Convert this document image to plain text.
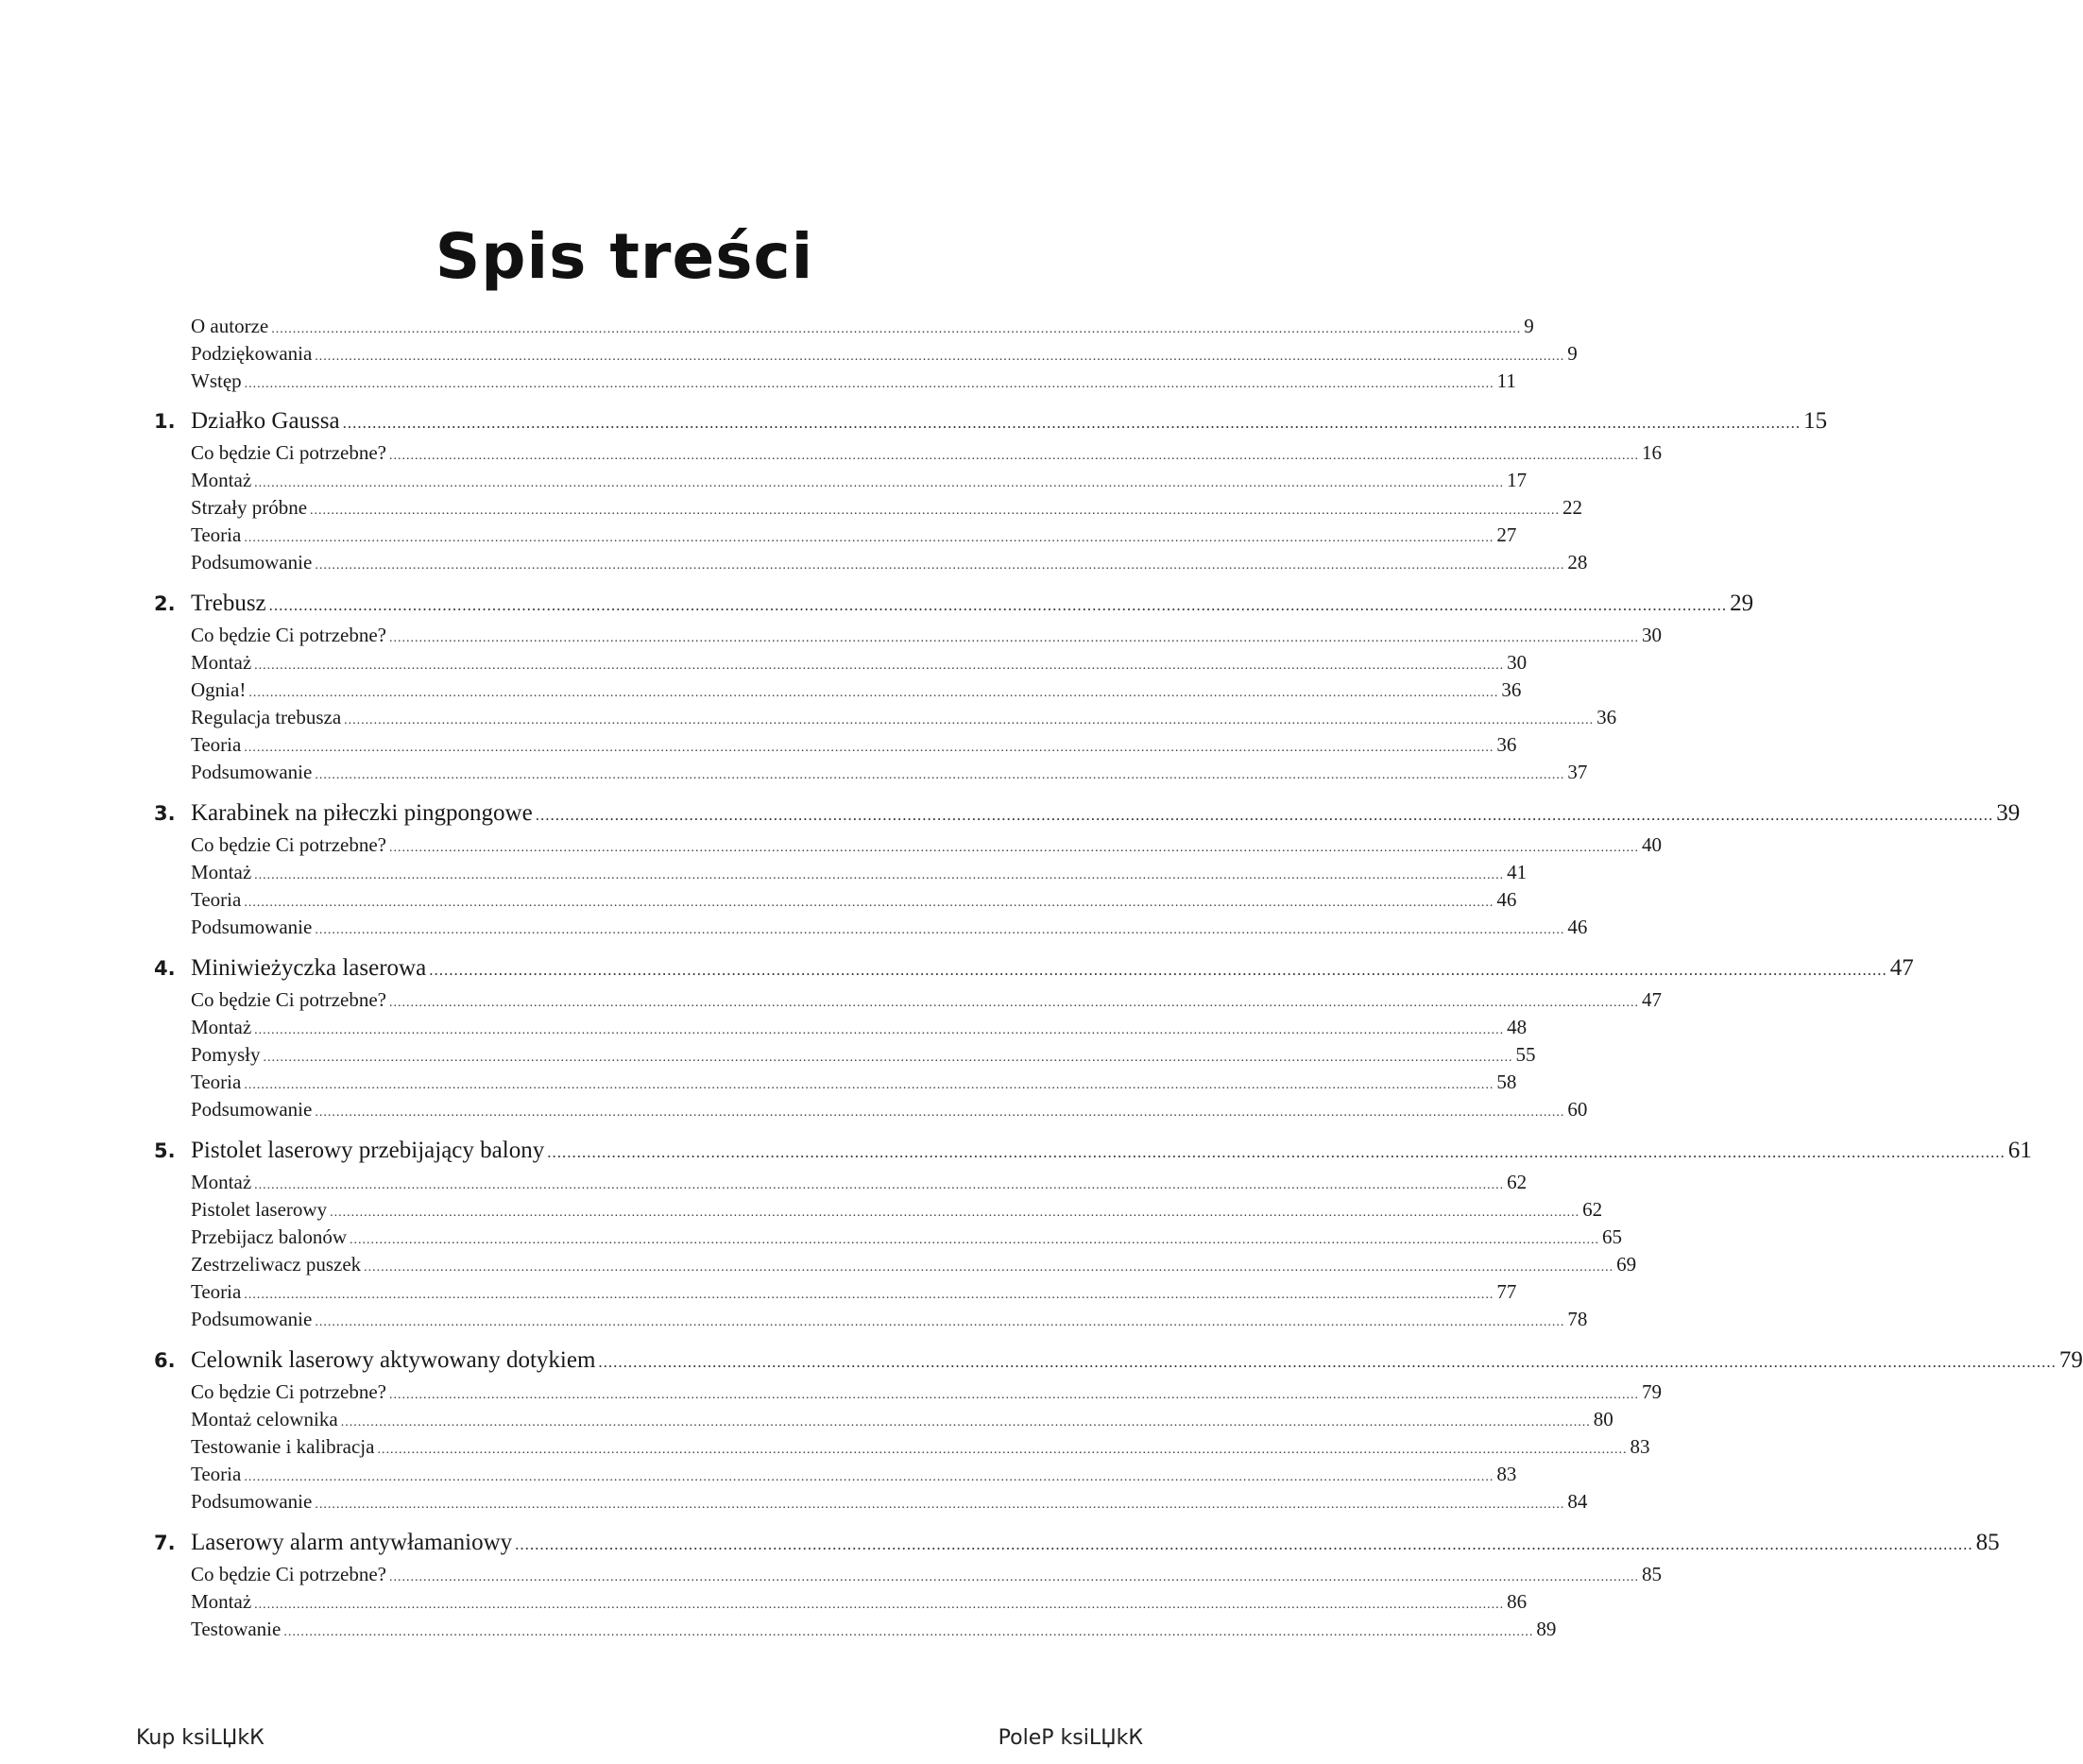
Spis treści
O autorze ...................................................................................................................................................................................................................................................................................................... 9
Podziękowania ...................................................................................................................................................................................................................................................................................................... 9
Wstęp ...................................................................................................................................................................................................................................................................................................... 11
1. Działko Gaussa ...................................................................................................................................................................................................................................................................................................... 15
Co będzie Ci potrzebne? ...................................................................................................................................................................................................................................................................................................... 16
Montaż ...................................................................................................................................................................................................................................................................................................... 17
Strzały próbne ...................................................................................................................................................................................................................................................................................................... 22
Teoria ...................................................................................................................................................................................................................................................................................................... 27
Podsumowanie ...................................................................................................................................................................................................................................................................................................... 28
2. Trebusz ...................................................................................................................................................................................................................................................................................................... 29
Co będzie Ci potrzebne? ...................................................................................................................................................................................................................................................................................................... 30
Montaż ...................................................................................................................................................................................................................................................................................................... 30
Ognia! ...................................................................................................................................................................................................................................................................................................... 36
Regulacja trebusza ...................................................................................................................................................................................................................................................................................................... 36
Teoria ...................................................................................................................................................................................................................................................................................................... 36
Podsumowanie ...................................................................................................................................................................................................................................................................................................... 37
3. Karabinek na piłeczki pingpongowe ...................................................................................................................................................................................................................................................................................................... 39
Co będzie Ci potrzebne? ...................................................................................................................................................................................................................................................................................................... 40
Montaż ...................................................................................................................................................................................................................................................................................................... 41
Teoria ...................................................................................................................................................................................................................................................................................................... 46
Podsumowanie ...................................................................................................................................................................................................................................................................................................... 46
4. Miniwieżyczka laserowa ...................................................................................................................................................................................................................................................................................................... 47
Co będzie Ci potrzebne? ...................................................................................................................................................................................................................................................................................................... 47
Montaż ...................................................................................................................................................................................................................................................................................................... 48
Pomysły ...................................................................................................................................................................................................................................................................................................... 55
Teoria ...................................................................................................................................................................................................................................................................................................... 58
Podsumowanie ...................................................................................................................................................................................................................................................................................................... 60
5. Pistolet laserowy przebijający balony ...................................................................................................................................................................................................................................................................................................... 61
Montaż ...................................................................................................................................................................................................................................................................................................... 62
Pistolet laserowy ...................................................................................................................................................................................................................................................................................................... 62
Przebijacz balonów ...................................................................................................................................................................................................................................................................................................... 65
Zestrzeliwacz puszek ...................................................................................................................................................................................................................................................................................................... 69
Teoria ...................................................................................................................................................................................................................................................................................................... 77
Podsumowanie ...................................................................................................................................................................................................................................................................................................... 78
6. Celownik laserowy aktywowany dotykiem ...................................................................................................................................................................................................................................................................................................... 79
Co będzie Ci potrzebne? ...................................................................................................................................................................................................................................................................................................... 79
Montaż celownika ...................................................................................................................................................................................................................................................................................................... 80
Testowanie i kalibracja ...................................................................................................................................................................................................................................................................................................... 83
Teoria ...................................................................................................................................................................................................................................................................................................... 83
Podsumowanie ...................................................................................................................................................................................................................................................................................................... 84
7. Laserowy alarm antywłamaniowy ...................................................................................................................................................................................................................................................................................................... 85
Co będzie Ci potrzebne? ...................................................................................................................................................................................................................................................................................................... 85
Montaż ...................................................................................................................................................................................................................................................................................................... 86
Testowanie ...................................................................................................................................................................................................................................................................................................... 89
Kup ksiLЏkК	PoleР ksiLЏkК
